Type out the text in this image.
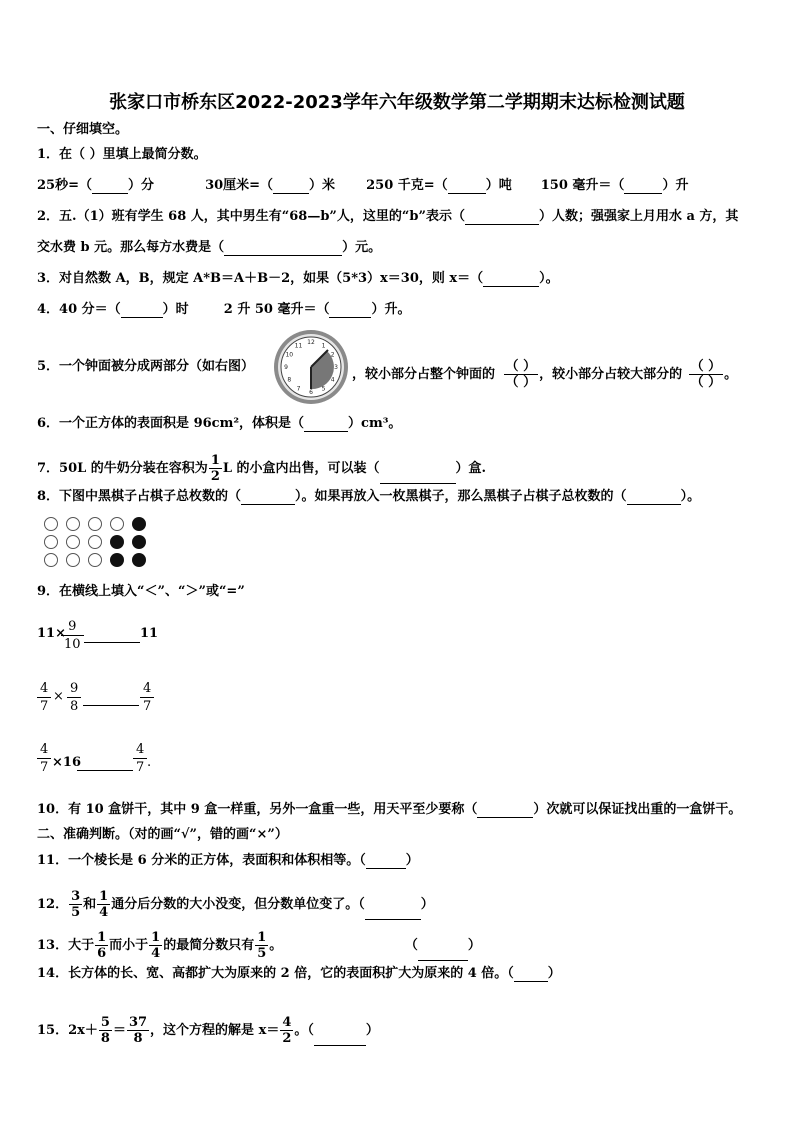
张家口市桥东区2022-2023学年六年级数学第二学期期末达标检测试题
一、仔细填空。
1．在（ ）里填上最简分数。
25秒=（	）分	30厘米=（	）米 250 千克=（	）吨 150 毫升＝（	）升
2．五.（1）班有学生 68 人，其中男生有“68—b”人，这里的“b”表示（	）人数；强强家上月用水 a 方，其
交水费 b 元。那么每方水费是（	）元。
3．对自然数 A，B，规定 A*B＝A＋B－2，如果（5*3）x＝30，则 x＝（	）。
4．40 分＝（	）时	2 升 50 毫升＝（	）升。
5．一个钟面被分成两部分（如右图）
12 1
2
3
4
5
6
7
8
9
10
11
，较小部分占整个钟面的 $\frac{( )}{( )}$ ，较小部分占较大部分的 $\frac{( )}{( )}$ 。
6．一个正方体的表面积是 96cm²，体积是（	）cm³。
7．50L 的牛奶分装在容积为 $\frac{1}{2}$ L 的小盒内出售，可以装（	）盒.
8．下图中黑棋子占棋子总枚数的（	）。如果再放入一枚黑棋子，那么黑棋子占棋子总枚数的（	）。
9．在横线上填入“＜”、“＞”或“=”
11×
$\frac{9}{10}$	11
$\frac{4}{7} \times \frac{9}{8}$	$\frac{4}{7}$
$\frac{4}{7} \times 16$	$\frac{4}{7}$ .
10．有 10 盒饼干，其中 9 盒一样重，另外一盒重一些，用天平至少要称（	）次就可以保证找出重的一盒饼干。
二、准确判断。（对的画“√”，错的画“×”）
11．一个棱长是 6 分米的正方体，表面积和体积相等。（	）
12． $\frac{3}{5}$ 和 $\frac{1}{4}$ 通分后分数的大小没变，但分数单位变了。（	）
13．大于 $\frac{1}{6}$ 而小于 $\frac{1}{4}$ 的最简分数只有 $\frac{1}{5}$ 。	（	）
14．长方体的长、宽、高都扩大为原来的 2 倍，它的表面积扩大为原来的 4 倍。（	）
15．$2x+ \frac{5}{8} = \frac{37}{8}$ ，这个方程的解是 $x= \frac{4}{2}$ 。（	）
